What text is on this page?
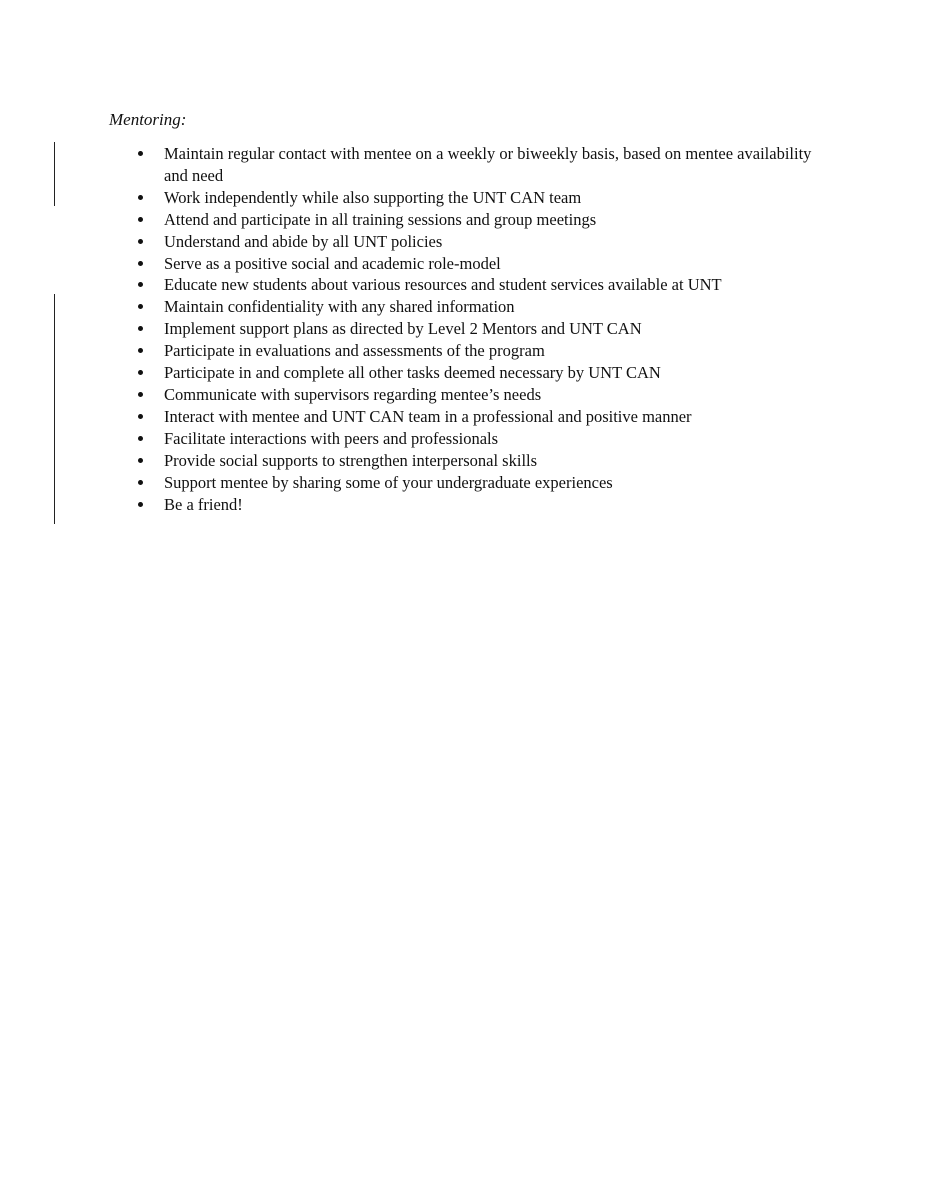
Mentoring:
Maintain regular contact with mentee on a weekly or biweekly basis, based on mentee availability and need
Work independently while also supporting the UNT CAN team
Attend and participate in all training sessions and group meetings
Understand and abide by all UNT policies
Serve as a positive social and academic role-model
Educate new students about various resources and student services available at UNT
Maintain confidentiality with any shared information
Implement support plans as directed by Level 2 Mentors and UNT CAN
Participate in evaluations and assessments of the program
Participate in and complete all other tasks deemed necessary by UNT CAN
Communicate with supervisors regarding mentee’s needs
Interact with mentee and UNT CAN team in a professional and positive manner
Facilitate interactions with peers and professionals
Provide social supports to strengthen interpersonal skills
Support mentee by sharing some of your undergraduate experiences
Be a friend!
